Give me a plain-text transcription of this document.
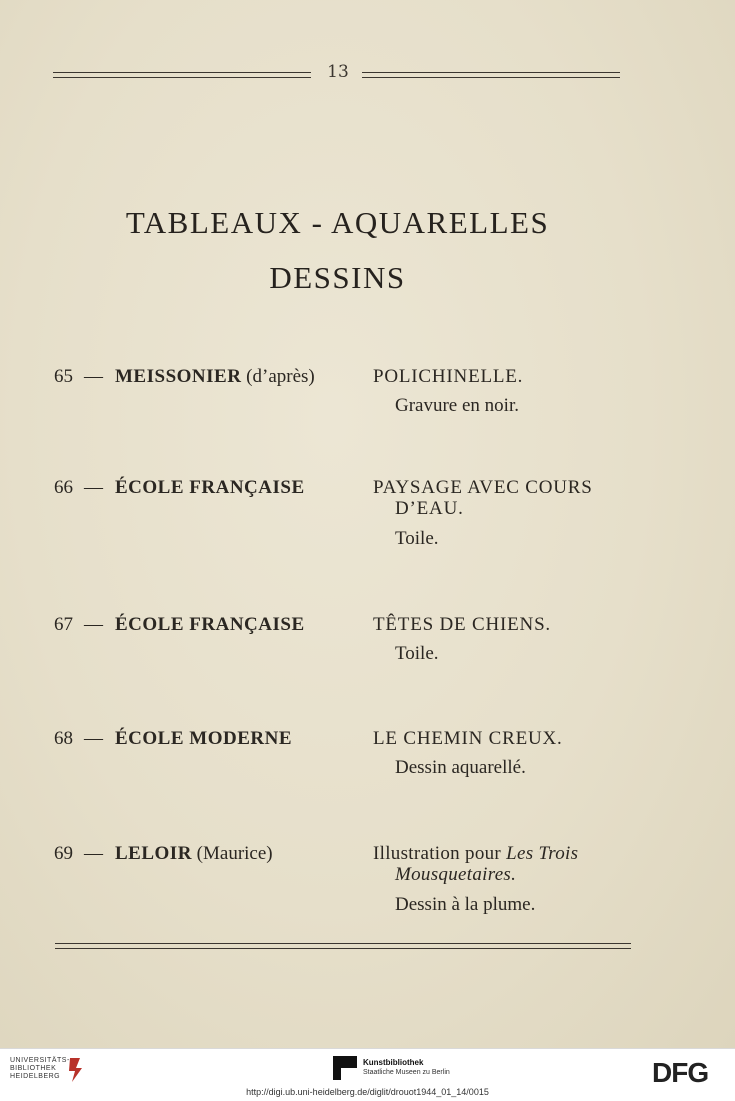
13
TABLEAUX - AQUARELLES
DESSINS
65 — MEISSONIER (d’après)	POLICHINELLE.
Gravure en noir.
66 — ÉCOLE FRANÇAISE	PAYSAGE AVEC COURS
D’EAU.
Toile.
67 — ÉCOLE FRANÇAISE	TÊTES DE CHIENS.
Toile.
68 — ÉCOLE MODERNE	LE CHEMIN CREUX.
Dessin aquarellé.
69 — LELOIR (Maurice)	Illustration pour Les Trois
Mousquetaires.
Dessin à la plume.
UNIVERSITÄTS-
BIBLIOTHEK
HEIDELBERG
Kunstbibliothek
Staatliche Museen zu Berlin	DFG
http://digi.ub.uni-heidelberg.de/diglit/drouot1944_01_14/0015
